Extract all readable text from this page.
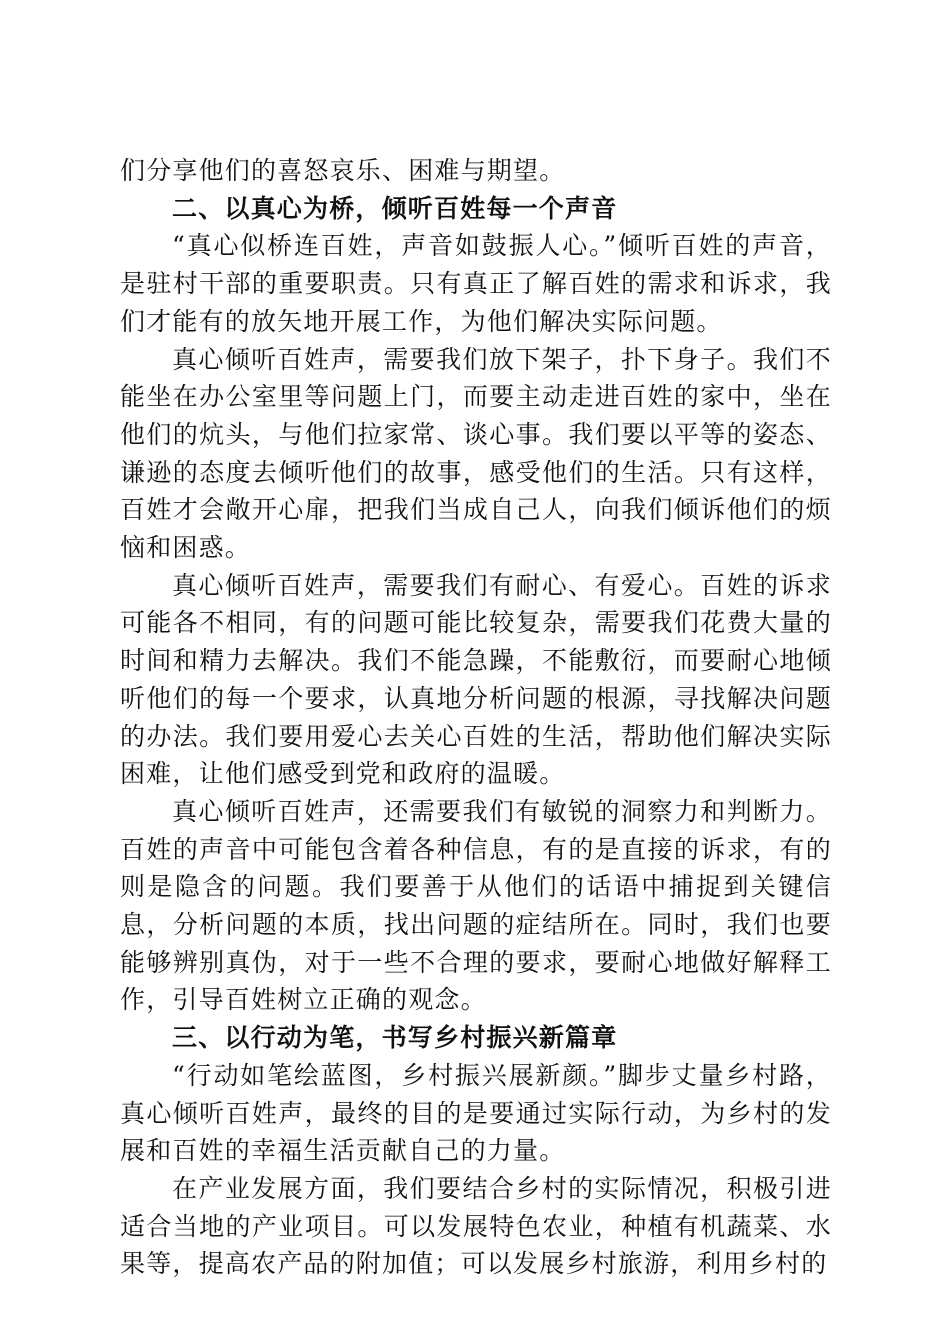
们分享他们的喜怒哀乐、困难与期望。

二、以真心为桥，倾听百姓每一个声音

“真心似桥连百姓，声音如鼓振人心。”倾听百姓的声音，是驻村干部的重要职责。只有真正了解百姓的需求和诉求，我们才能有的放矢地开展工作，为他们解决实际问题。

真心倾听百姓声，需要我们放下架子，扑下身子。我们不能坐在办公室里等问题上门，而要主动走进百姓的家中，坐在他们的炕头，与他们拉家常、谈心事。我们要以平等的姿态、谦逊的态度去倾听他们的故事，感受他们的生活。只有这样，百姓才会敞开心扉，把我们当成自己人，向我们倾诉他们的烦恼和困惑。

真心倾听百姓声，需要我们有耐心、有爱心。百姓的诉求可能各不相同，有的问题可能比较复杂，需要我们花费大量的时间和精力去解决。我们不能急躁，不能敷衍，而要耐心地倾听他们的每一个要求，认真地分析问题的根源，寻找解决问题的办法。我们要用爱心去关心百姓的生活，帮助他们解决实际困难，让他们感受到党和政府的温暖。

真心倾听百姓声，还需要我们有敏锐的洞察力和判断力。百姓的声音中可能包含着各种信息，有的是直接的诉求，有的则是隐含的问题。我们要善于从他们的话语中捕捉到关键信息，分析问题的本质，找出问题的症结所在。同时，我们也要能够辨别真伪，对于一些不合理的要求，要耐心地做好解释工作，引导百姓树立正确的观念。

三、以行动为笔，书写乡村振兴新篇章

“行动如笔绘蓝图，乡村振兴展新颜。”脚步丈量乡村路，真心倾听百姓声，最终的目的是要通过实际行动，为乡村的发展和百姓的幸福生活贡献自己的力量。

在产业发展方面，我们要结合乡村的实际情况，积极引进适合当地的产业项目。可以发展特色农业，种植有机蔬菜、水果等，提高农产品的附加值；可以发展乡村旅游，利用乡村的
